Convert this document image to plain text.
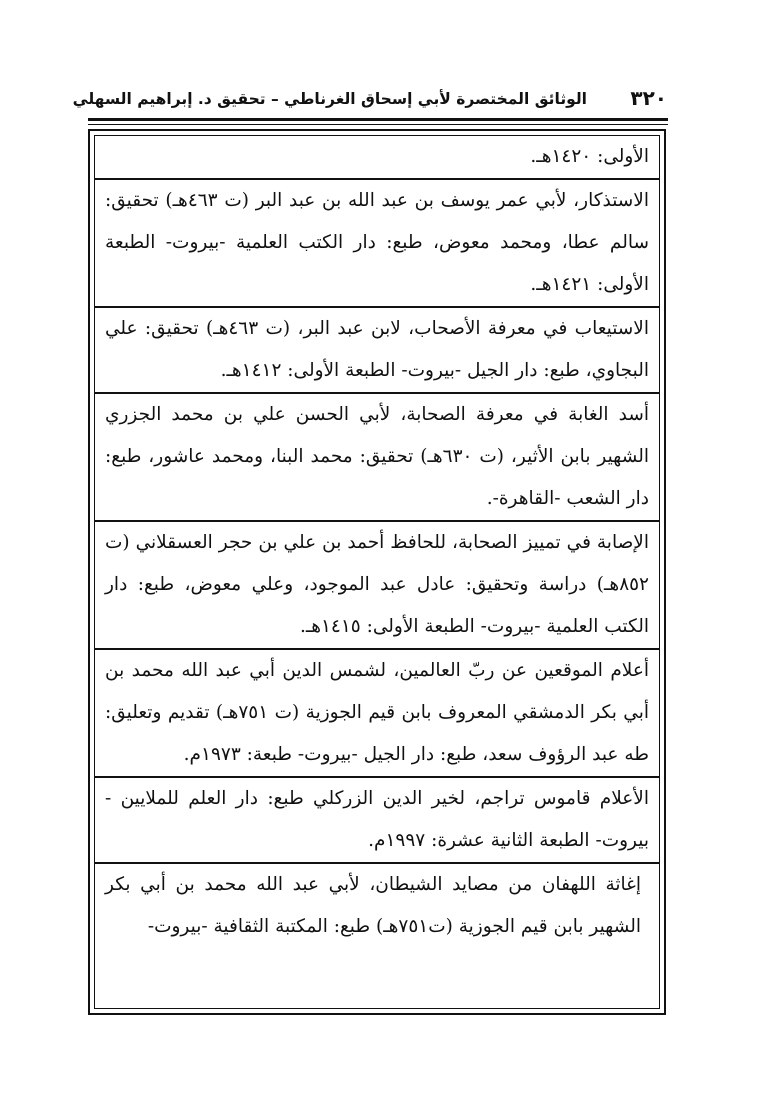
٣٢٠
الوثائق المختصرة لأبي إسحاق الغرناطي – تحقيق د. إبراهيم السهلي
الأولى: ١٤٢٠هـ.
الاستذكار، لأبي عمر يوسف بن عبد الله بن عبد البر (ت ٤٦٣هـ) تحقيق: سالم عطا، ومحمد معوض، طبع: دار الكتب العلمية -بيروت- الطبعة الأولى: ١٤٢١هـ.
الاستيعاب في معرفة الأصحاب، لابن عبد البر، (ت ٤٦٣هـ) تحقيق: علي البجاوي، طبع: دار الجيل -بيروت- الطبعة الأولى: ١٤١٢هـ.
أسد الغابة في معرفة الصحابة، لأبي الحسن علي بن محمد الجزري الشهير بابن الأثير، (ت ٦٣٠هـ) تحقيق: محمد البنا، ومحمد عاشور، طبع: دار الشعب -القاهرة-.
الإصابة في تمييز الصحابة، للحافظ أحمد بن علي بن حجر العسقلاني (ت ٨٥٢هـ) دراسة وتحقيق: عادل عبد الموجود، وعلي معوض، طبع: دار الكتب العلمية -بيروت- الطبعة الأولى: ١٤١٥هـ.
أعلام الموقعين عن ربّ العالمين، لشمس الدين أبي عبد الله محمد بن أبي بكر الدمشقي المعروف بابن قيم الجوزية (ت ٧٥١هـ) تقديم وتعليق: طه عبد الرؤوف سعد، طبع: دار الجيل -بيروت- طبعة: ١٩٧٣م.
الأعلام قاموس تراجم، لخير الدين الزركلي طبع: دار العلم للملايين - بيروت- الطبعة الثانية عشرة: ١٩٩٧م.
إغاثة اللهفان من مصايد الشيطان، لأبي عبد الله محمد بن أبي بكر الشهير بابن قيم الجوزية (ت٧٥١هـ) طبع: المكتبة الثقافية -بيروت-
